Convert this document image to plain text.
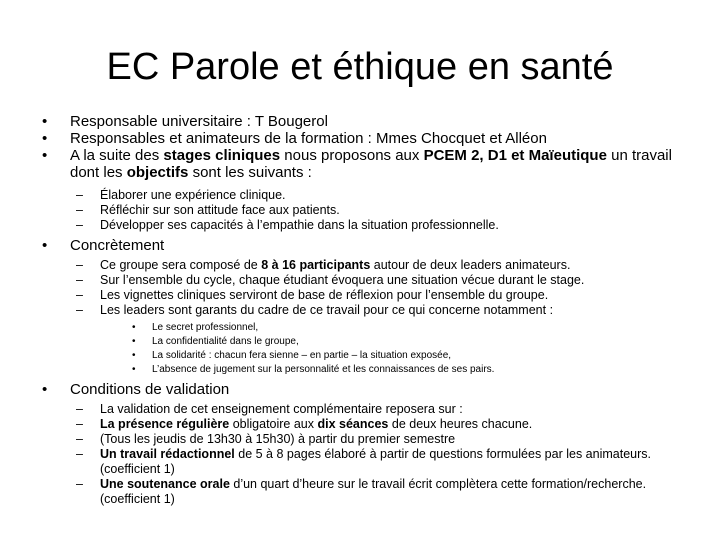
EC Parole et éthique en santé
• Responsable universitaire : T Bougerol
• Responsables et animateurs de la formation : Mmes Chocquet et Alléon
• A la suite des stages cliniques nous proposons aux PCEM 2, D1 et Maïeutique un travail dont les objectifs sont les suivants :
– Élaborer une expérience clinique.
– Réfléchir sur son attitude face aux patients.
– Développer ses capacités à l’empathie dans la situation professionnelle.
• Concrètement
– Ce groupe sera composé de 8 à 16 participants autour de deux leaders animateurs.
– Sur l’ensemble du cycle, chaque étudiant évoquera une situation vécue durant le stage.
– Les vignettes cliniques serviront de base de réflexion pour l’ensemble du groupe.
– Les leaders sont garants du cadre de ce travail pour ce qui concerne notamment :
• Le secret professionnel,
• La confidentialité dans le groupe,
• La solidarité : chacun fera sienne – en partie – la situation exposée,
• L’absence de jugement sur la personnalité et les connaissances de ses pairs.
• Conditions de validation
– La validation de cet enseignement complémentaire reposera sur :
– La présence régulière obligatoire aux dix séances de deux heures chacune.
– (Tous les jeudis de 13h30 à 15h30) à partir du premier semestre
– Un travail rédactionnel de 5 à 8 pages élaboré à partir de questions formulées par les animateurs. (coefficient 1)
– Une soutenance orale d’un quart d’heure sur le travail écrit complètera cette formation/recherche. (coefficient 1)
